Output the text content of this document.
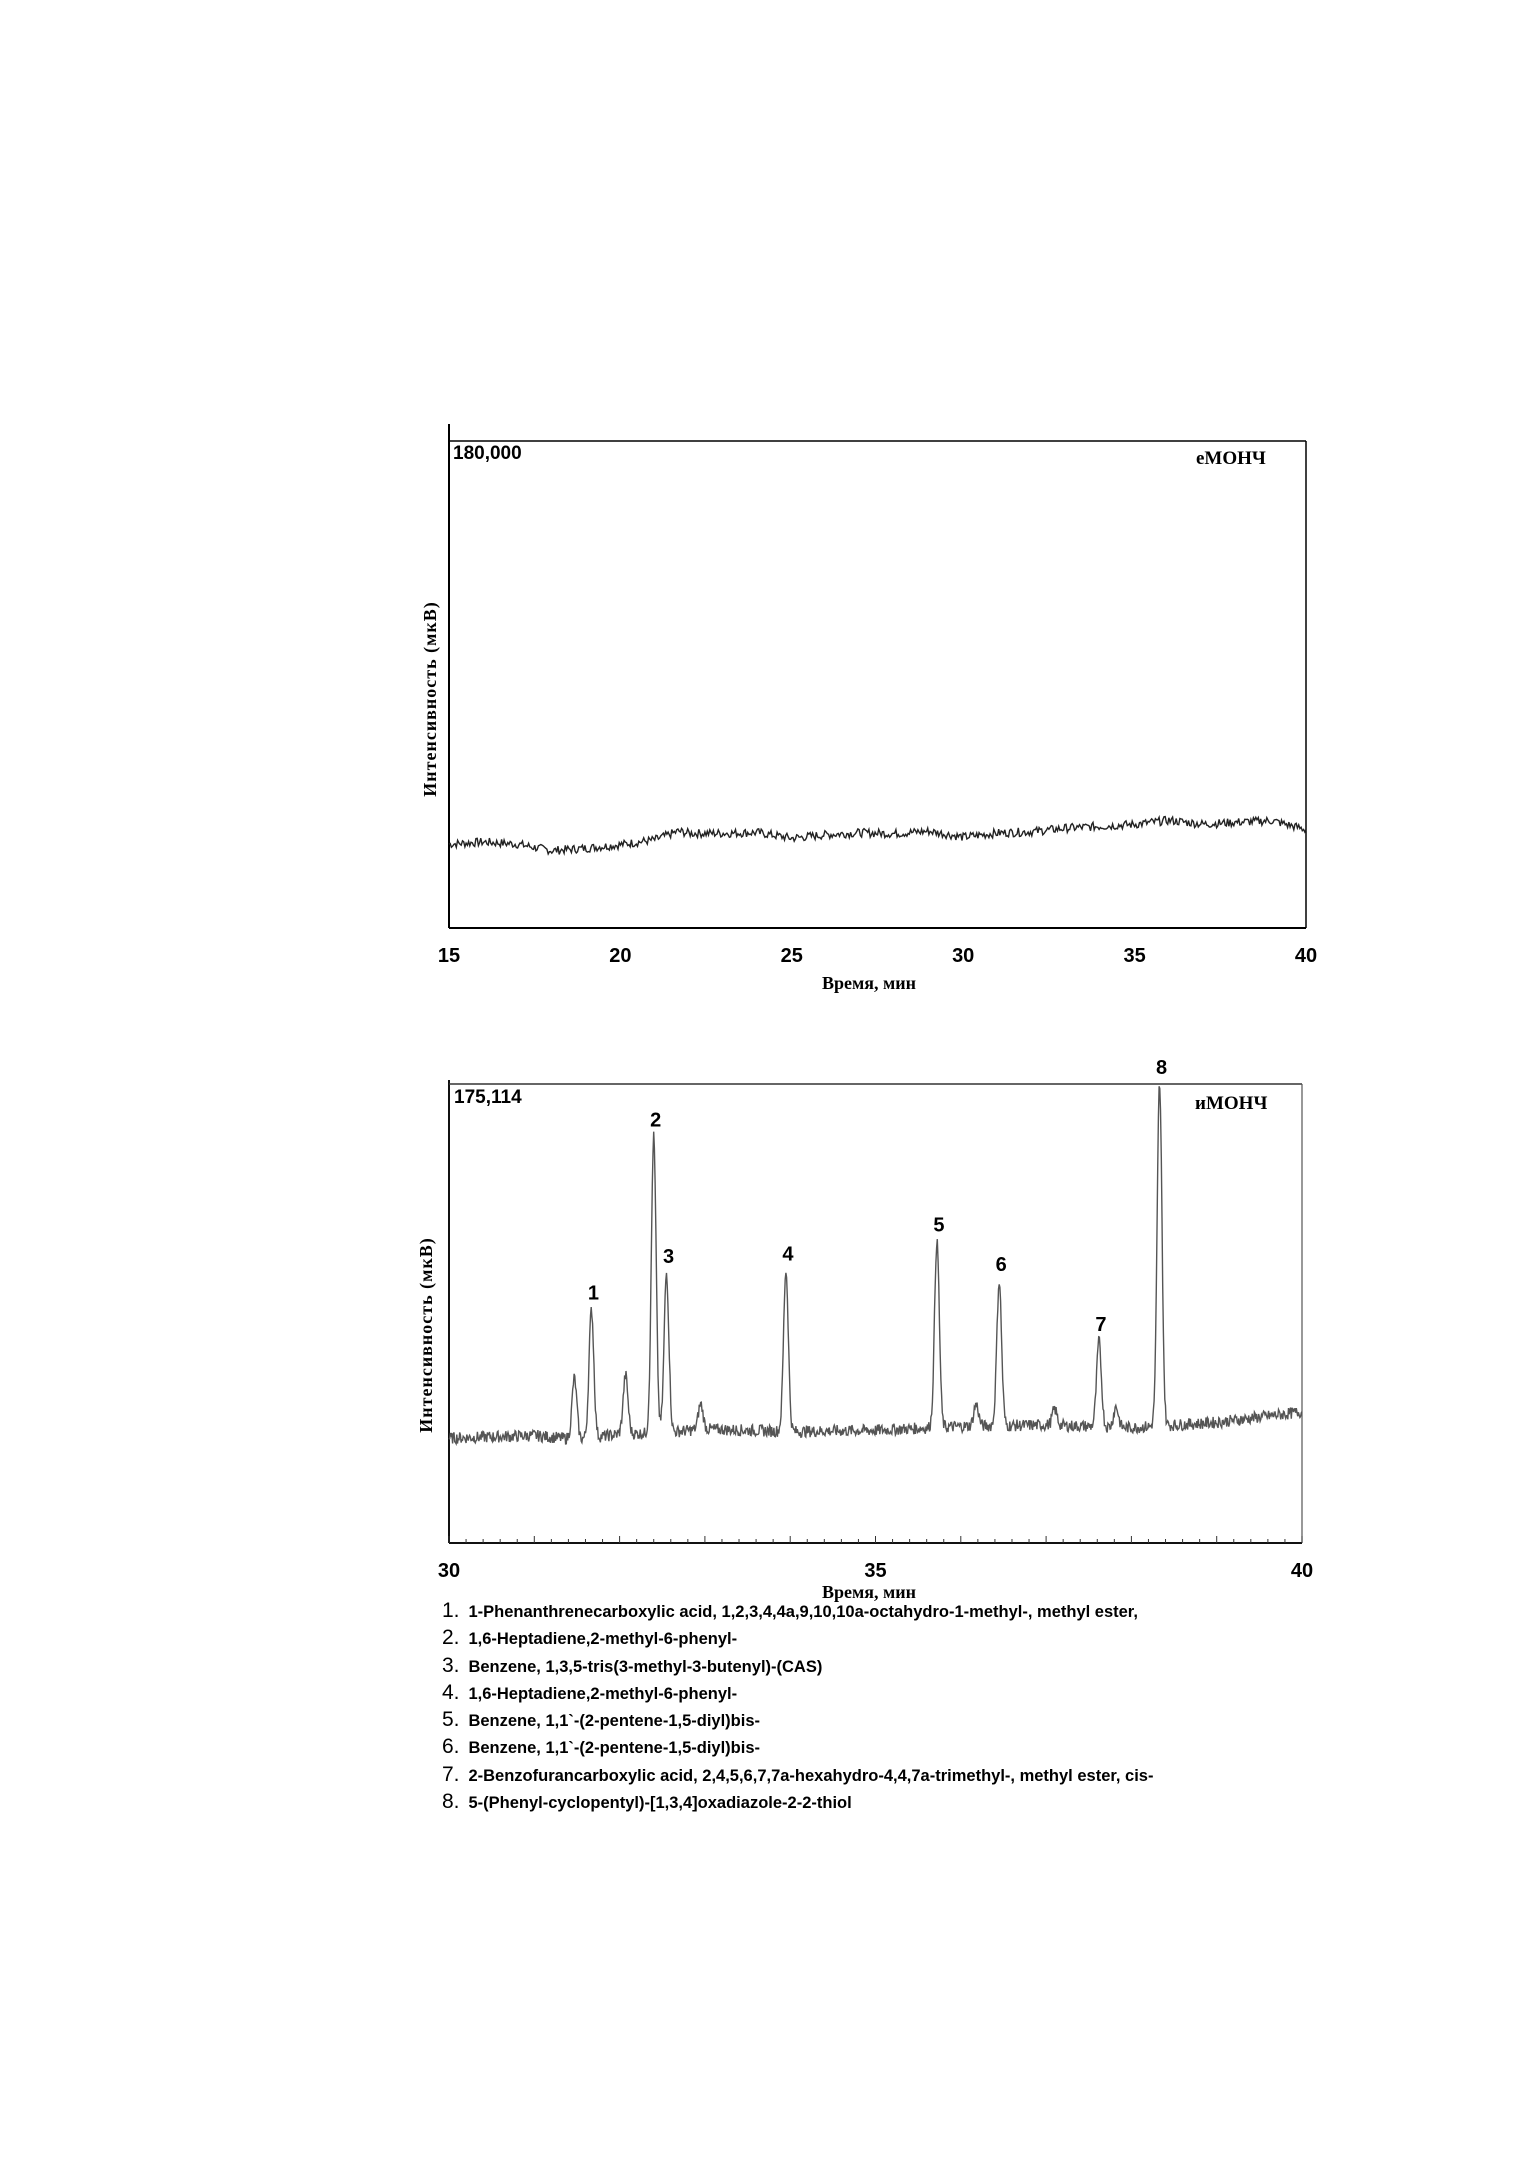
180,000	еМОНЧ
Интенсивность (мкВ)
Время, мин
15	20	25	30	35	40
175,114	иМОНЧ
Интенсивность (мкВ)
Время, мин
30	35	40
1
2
3	4
5
6
7
8
1. 1-Phenanthrenecarboxylic acid, 1,2,3,4,4a,9,10,10a-octahydro-1-methyl-, methyl ester,
2. 1,6-Heptadiene,2-methyl-6-phenyl-
3. Benzene, 1,3,5-tris(3-methyl-3-butenyl)-(CAS)
4. 1,6-Heptadiene,2-methyl-6-phenyl-
5. Benzene, 1,1`-(2-pentene-1,5-diyl)bis-
6. Benzene, 1,1`-(2-pentene-1,5-diyl)bis-
7. 2-Benzofurancarboxylic acid, 2,4,5,6,7,7a-hexahydro-4,4,7a-trimethyl-, methyl ester, cis-
8. 5-(Phenyl-cyclopentyl)-[1,3,4]oxadiazole-2-2-thiol
